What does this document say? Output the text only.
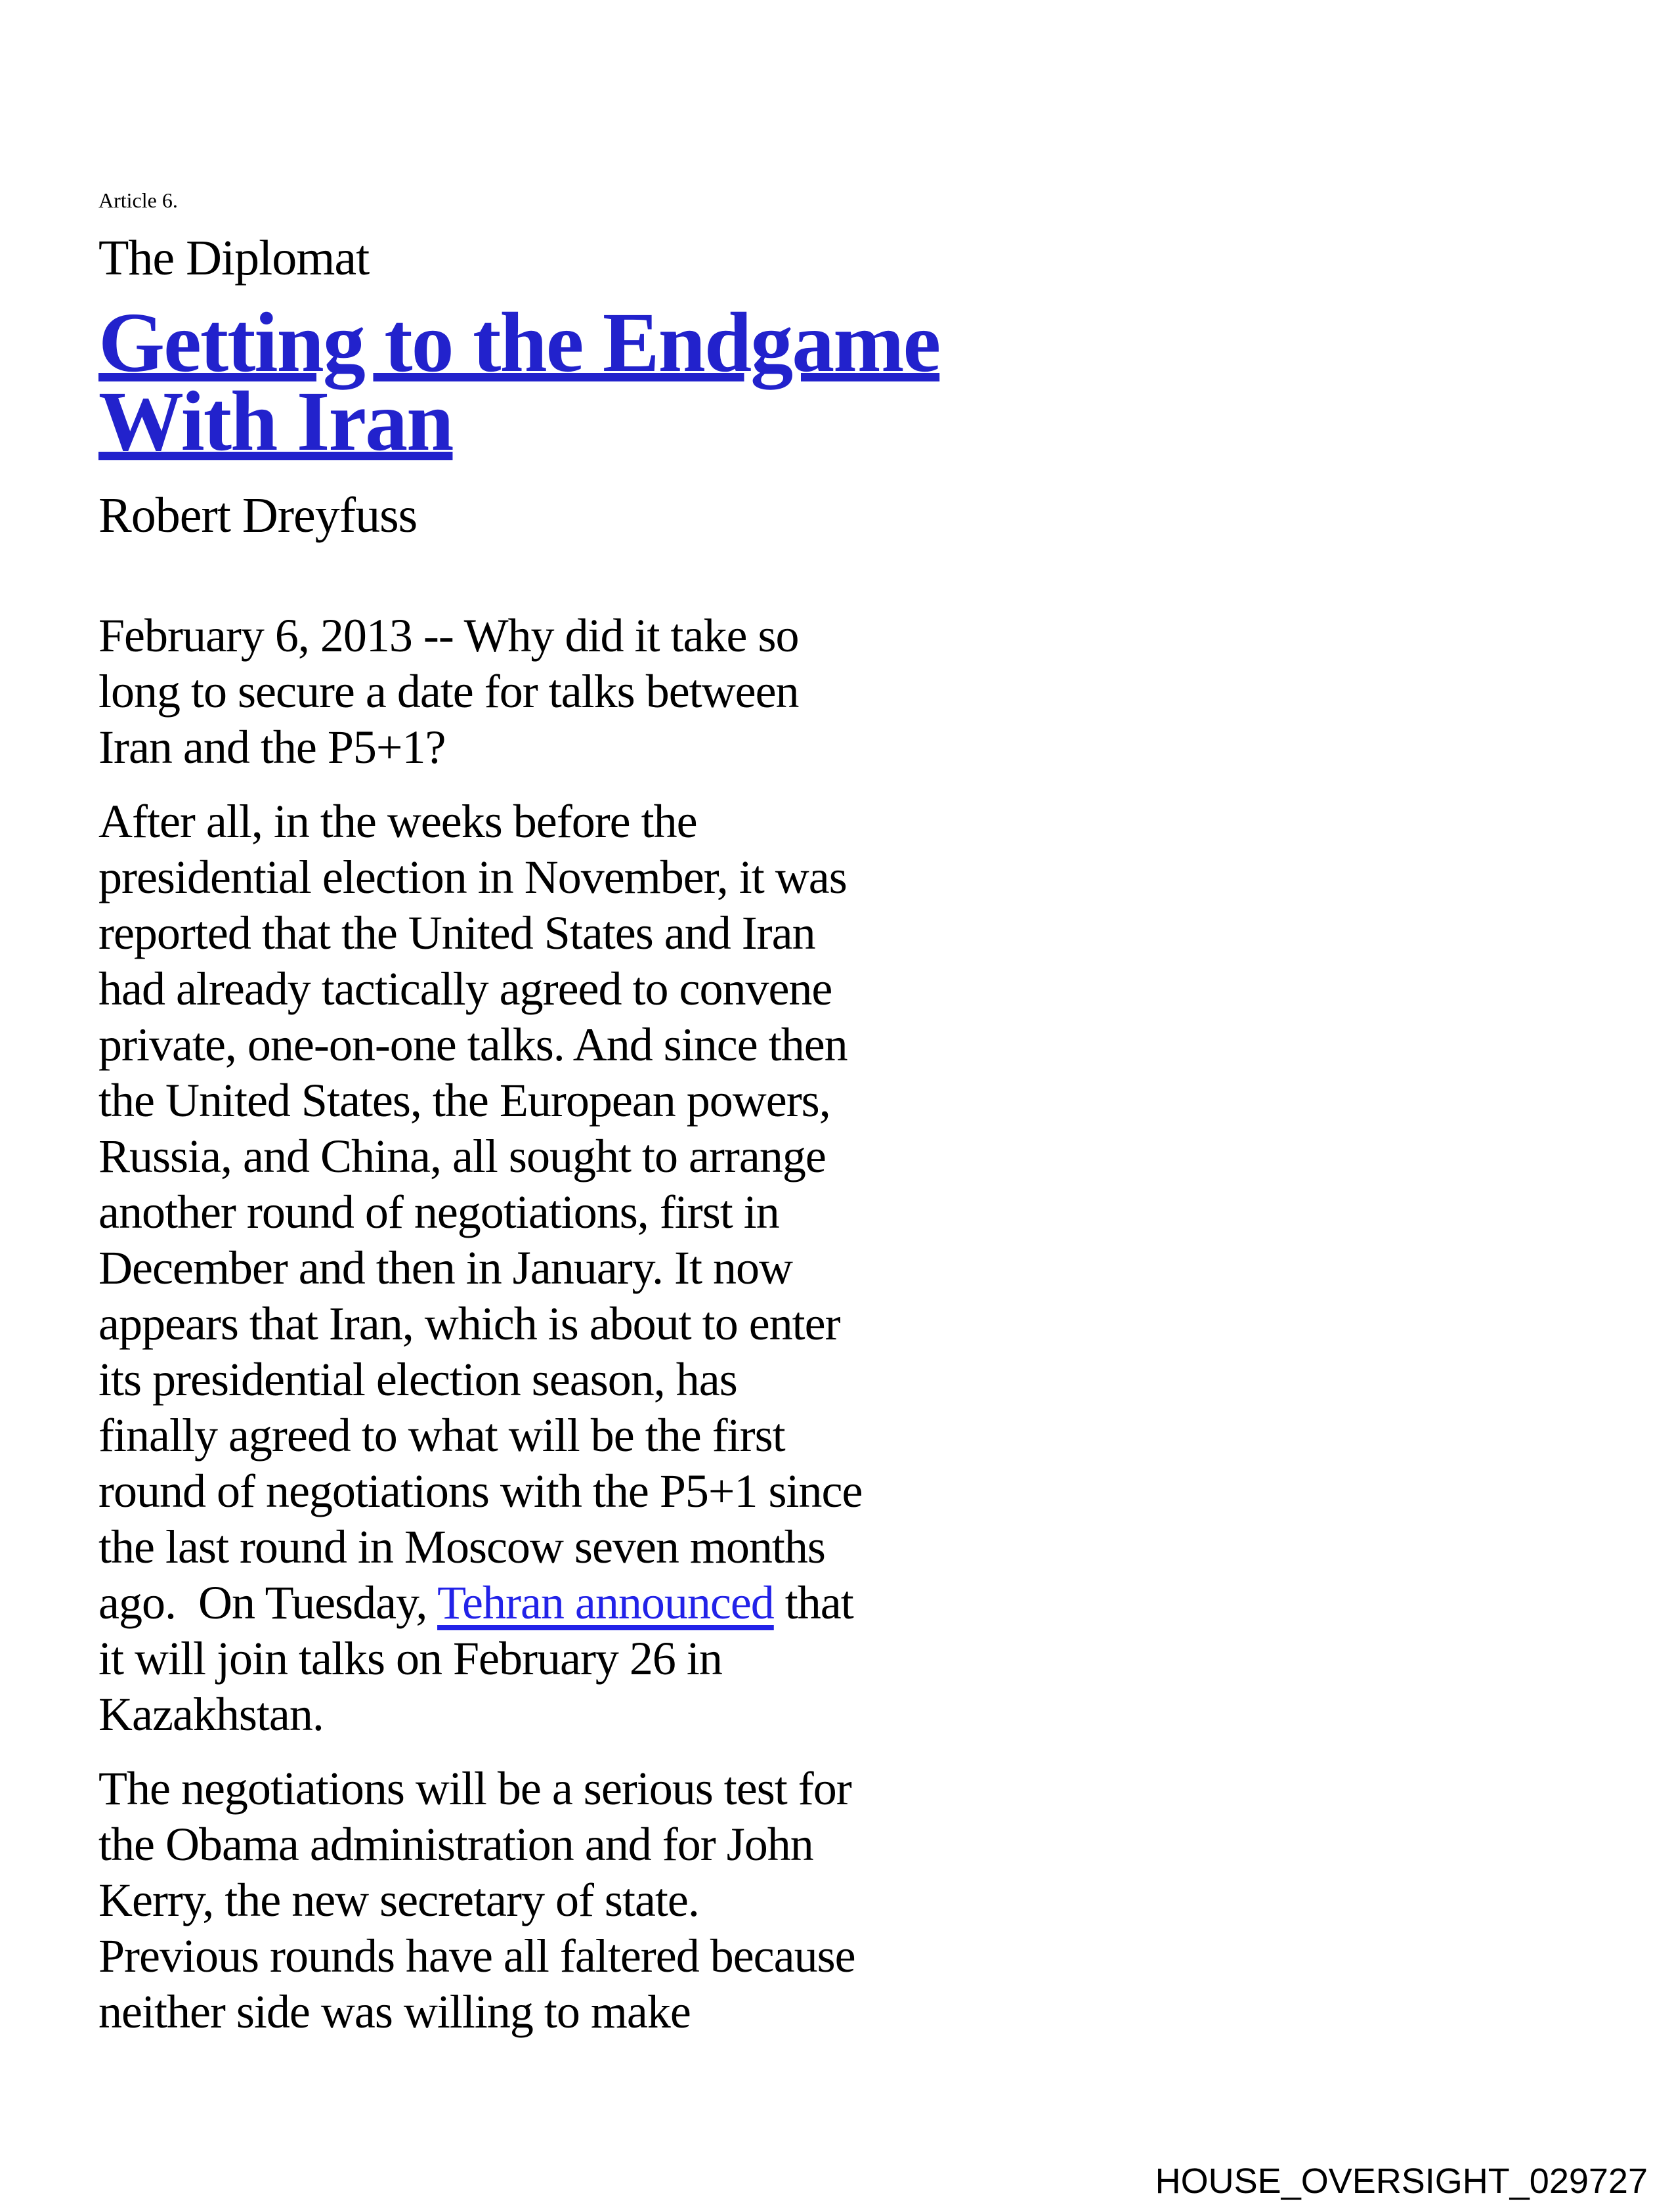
Article 6.
The Diplomat
Getting to the Endgame
With Iran
Robert Dreyfuss
February 6, 2013 -- Why did it take so
long to secure a date for talks between
Iran and the P5+1?
After all, in the weeks before the
presidential election in November, it was
reported that the United States and Iran
had already tactically agreed to convene
private, one-on-one talks. And since then
the United States, the European powers,
Russia, and China, all sought to arrange
another round of negotiations, first in
December and then in January. It now
appears that Iran, which is about to enter
its presidential election season, has
finally agreed to what will be the first
round of negotiations with the P5+1 since
the last round in Moscow seven months
ago.  On Tuesday, Tehran announced that
it will join talks on February 26 in
Kazakhstan.
The negotiations will be a serious test for
the Obama administration and for John
Kerry, the new secretary of state.
Previous rounds have all faltered because
neither side was willing to make
HOUSE_OVERSIGHT_029727
